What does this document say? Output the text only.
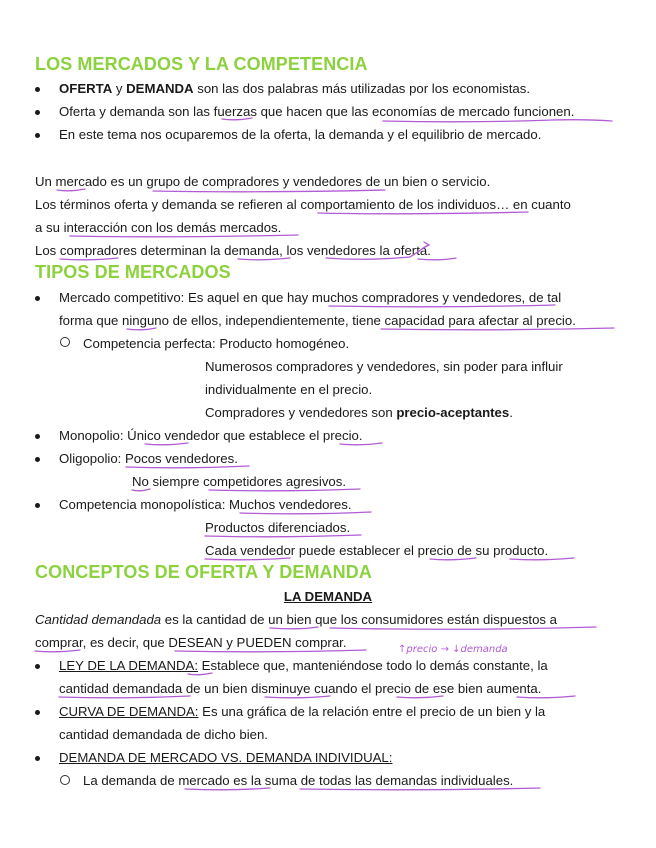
LOS MERCADOS Y LA COMPETENCIA
OFERTA y DEMANDA son las dos palabras más utilizadas por los economistas.
Oferta y demanda son las fuerzas que hacen que las economías de mercado funcionen.
En este tema nos ocuparemos de la oferta, la demanda y el equilibrio de mercado.
Un mercado es un grupo de compradores y vendedores de un bien o servicio.
Los términos oferta y demanda se refieren al comportamiento de los individuos… en cuanto
a su interacción con los demás mercados.
Los compradores determinan la demanda, los vendedores la oferta.
TIPOS DE MERCADOS
Mercado competitivo: Es aquel en que hay muchos compradores y vendedores, de tal
forma que ninguno de ellos, independientemente, tiene capacidad para afectar al precio.
Competencia perfecta: Producto homogéneo.
Numerosos compradores y vendedores, sin poder para influir
individualmente en el precio.
Compradores y vendedores son precio-aceptantes.
Monopolio: Único vendedor que establece el precio.
Oligopolio: Pocos vendedores.
No siempre competidores agresivos.
Competencia monopolística: Muchos vendedores.
Productos diferenciados.
Cada vendedor puede establecer el precio de su producto.
CONCEPTOS DE OFERTA Y DEMANDA
LA DEMANDA
Cantidad demandada es la cantidad de un bien que los consumidores están dispuestos a
comprar, es decir, que DESEAN y PUEDEN comprar.
LEY DE LA DEMANDA: Establece que, manteniéndose todo lo demás constante, la
cantidad demandada de un bien disminuye cuando el precio de ese bien aumenta.
CURVA DE DEMANDA: Es una gráfica de la relación entre el precio de un bien y la
cantidad demandada de dicho bien.
DEMANDA DE MERCADO VS. DEMANDA INDIVIDUAL:
La demanda de mercado es la suma de todas las demandas individuales.
↑precio → ↓demanda
